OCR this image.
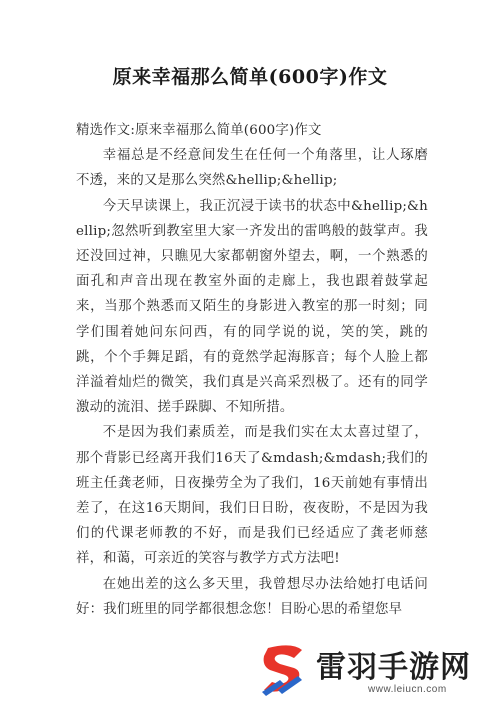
原来幸福那么简单(600字)作文

精选作文:原来幸福那么简单(600字)作文

幸福总是不经意间发生在任何一个角落里，让人琢磨不透，来的又是那么突然&hellip;&hellip;

今天早读课上，我正沉浸于读书的状态中&hellip;&hellip;忽然听到教室里大家一齐发出的雷鸣般的鼓掌声。我还没回过神，只瞧见大家都朝窗外望去，啊，一个熟悉的面孔和声音出现在教室外面的走廊上，我也跟着鼓掌起来，当那个熟悉而又陌生的身影进入教室的那一时刻；同学们围着她问东问西，有的同学说的说，笑的笑，跳的跳，个个手舞足蹈，有的竟然学起海豚音；每个人脸上都洋溢着灿烂的微笑，我们真是兴高采烈极了。还有的同学激动的流泪、搓手跺脚、不知所措。

不是因为我们素质差，而是我们实在太太喜过望了，那个背影已经离开我们16天了&mdash;&mdash;我们的班主任龚老师，日夜操劳全为了我们，16天前她有事情出差了，在这16天期间，我们日日盼，夜夜盼，不是因为我们的代课老师教的不好，而是我们已经适应了龚老师慈祥，和蔼，可亲近的笑容与教学方式方法吧!

在她出差的这么多天里，我曾想尽办法给她打电话问好：我们班里的同学都很想念您！目盼心思的希望您早

雷羽手游网
www.leiucn.com
